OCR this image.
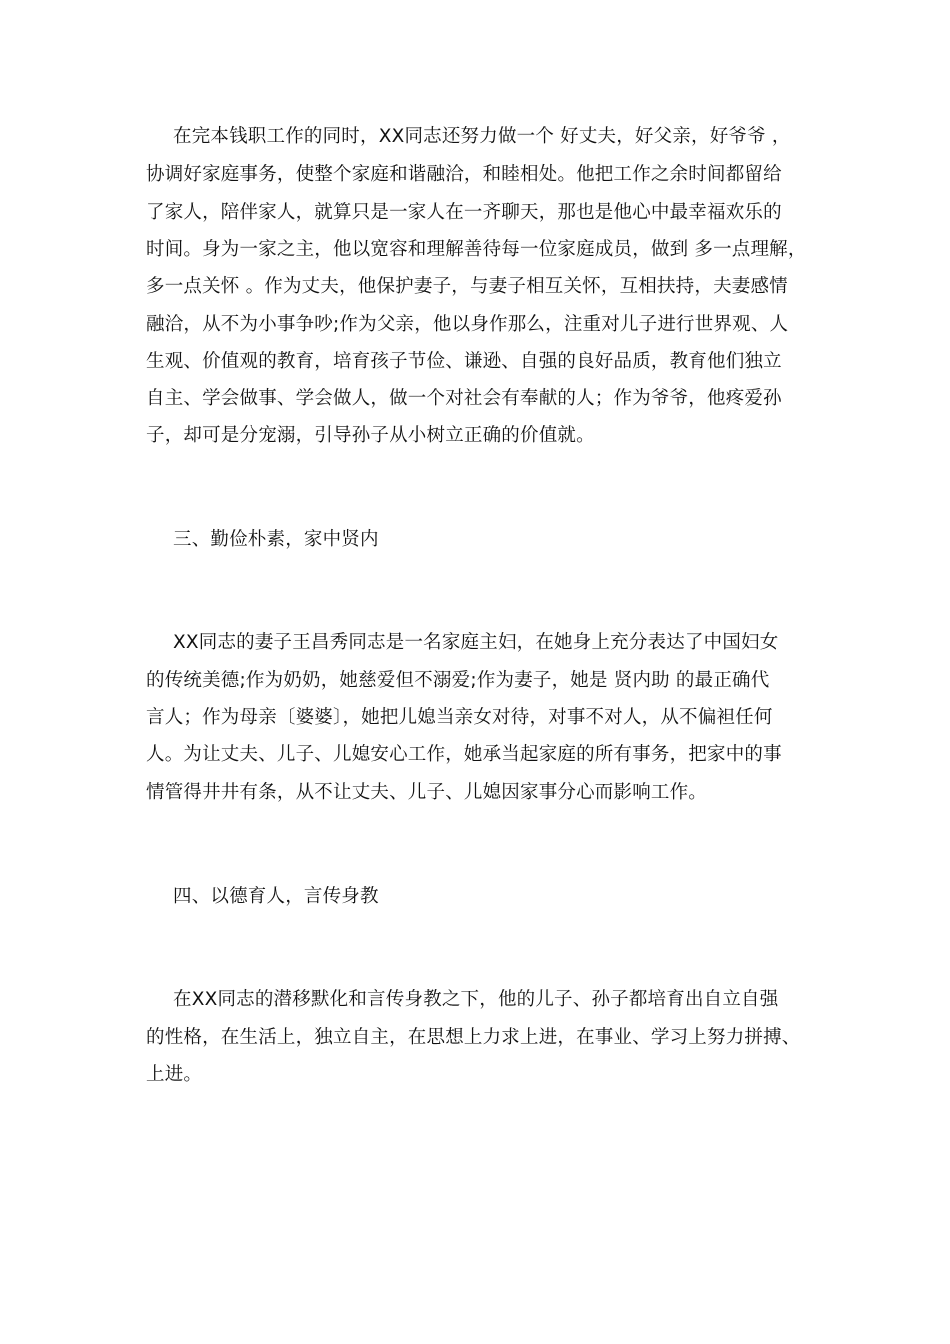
在完本钱职工作的同时，XX同志还努力做一个 好丈夫，好父亲，好爷爷 ，
协调好家庭事务，使整个家庭和谐融洽，和睦相处。他把工作之余时间都留给
了家人，陪伴家人，就算只是一家人在一齐聊天，那也是他心中最幸福欢乐的
时间。身为一家之主，他以宽容和理解善待每一位家庭成员，做到 多一点理解，
多一点关怀 。作为丈夫，他保护妻子，与妻子相互关怀，互相扶持，夫妻感情
融洽，从不为小事争吵;作为父亲，他以身作那么，注重对儿子进行世界观、人
生观、价值观的教育，培育孩子节俭、谦逊、自强的良好品质，教育他们独立
自主、学会做事、学会做人，做一个对社会有奉献的人；作为爷爷，他疼爱孙
子，却可是分宠溺，引导孙子从小树立正确的价值就。
三、勤俭朴素，家中贤内
XX同志的妻子王昌秀同志是一名家庭主妇，在她身上充分表达了中国妇女
的传统美德;作为奶奶，她慈爱但不溺爱;作为妻子，她是 贤内助 的最正确代
言人；作为母亲〔婆婆〕，她把儿媳当亲女对待，对事不对人，从不偏袒任何
人。为让丈夫、儿子、儿媳安心工作，她承当起家庭的所有事务，把家中的事
情管得井井有条，从不让丈夫、儿子、儿媳因家事分心而影响工作。
四、以德育人，言传身教
在XX同志的潜移默化和言传身教之下，他的儿子、孙子都培育出自立自强
的性格，在生活上，独立自主，在思想上力求上进，在事业、学习上努力拼搏、
上进。
